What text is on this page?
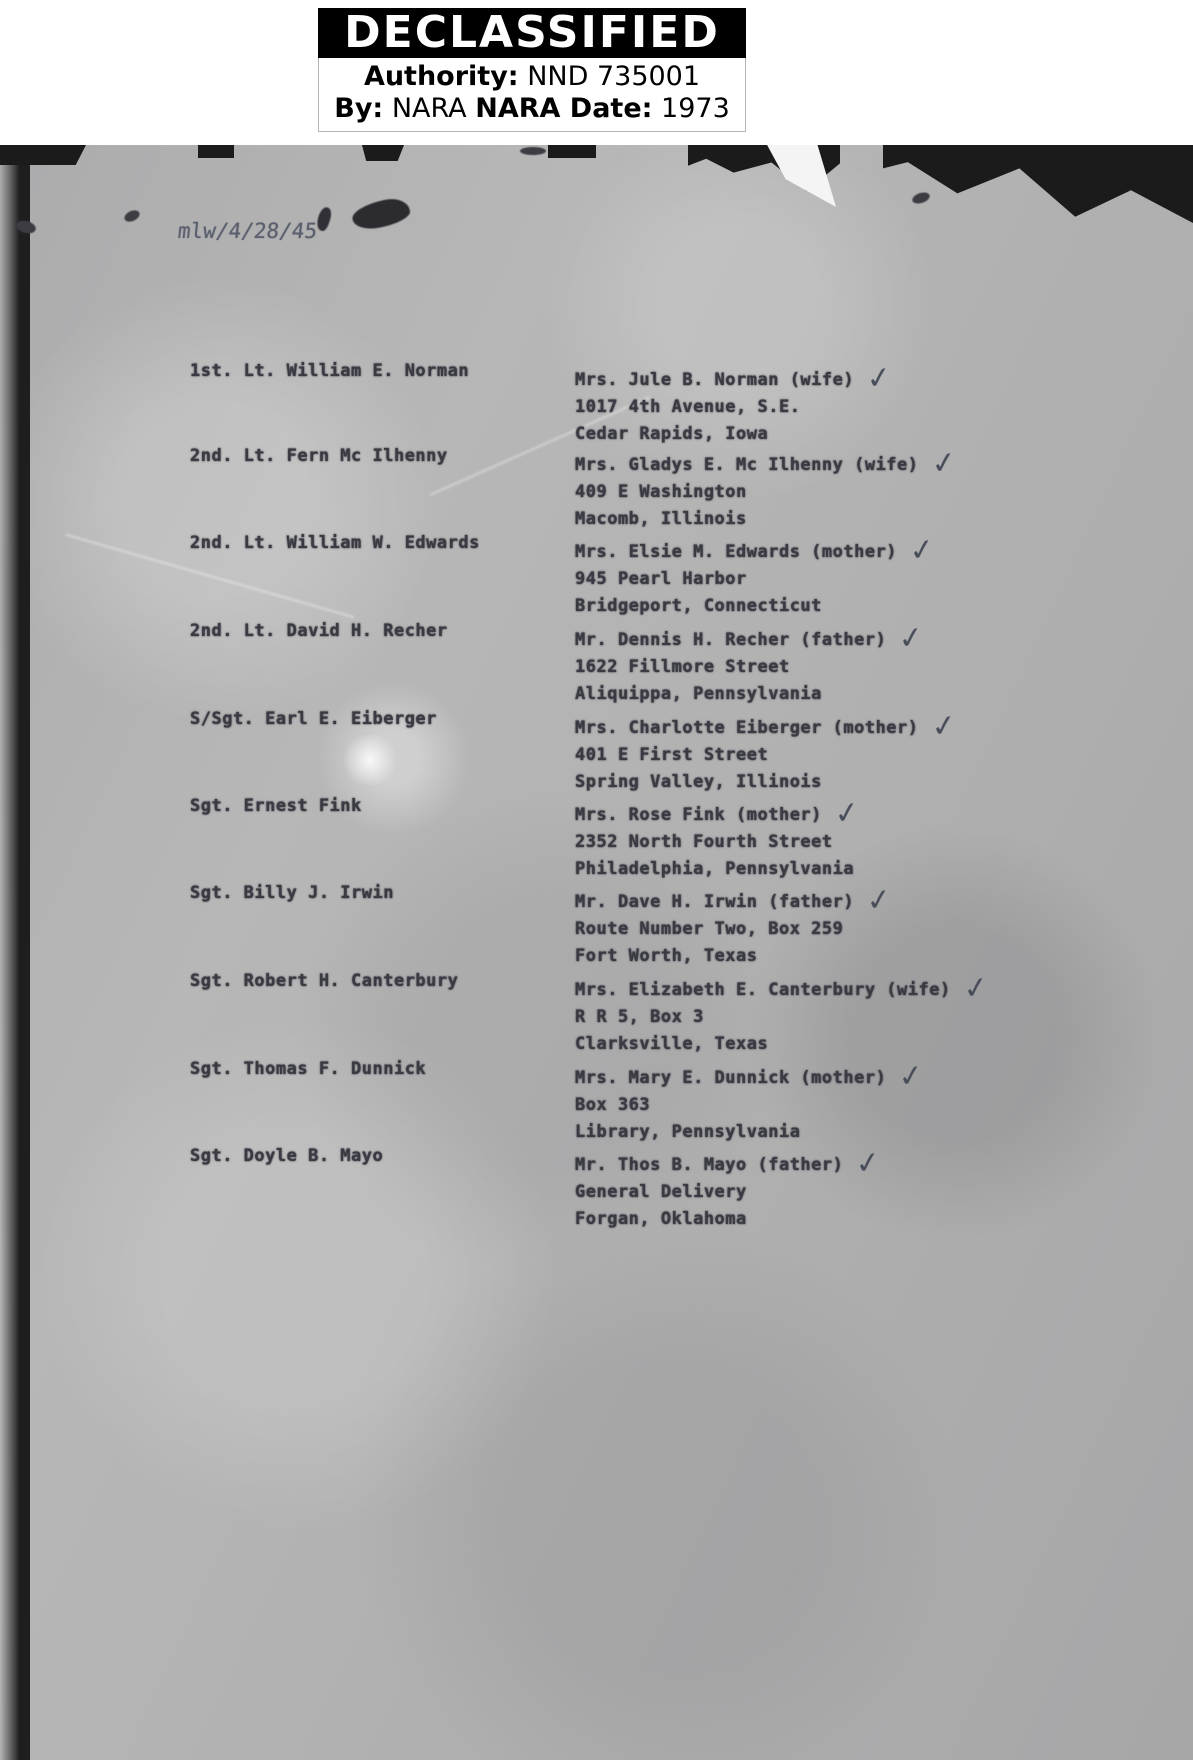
DECLASSIFIED
Authority: NND 735001
By: NARA NARA Date: 1973
mlw/4/28/45
1st. Lt. William E. Norman	Mrs. Jule B. Norman (wife) ✓
1017 4th Avenue, S.E.
Cedar Rapids, Iowa
2nd. Lt. Fern Mc Ilhenny	Mrs. Gladys E. Mc Ilhenny (wife) ✓
409 E Washington
Macomb, Illinois
2nd. Lt. William W. Edwards	Mrs. Elsie M. Edwards (mother) ✓
945 Pearl Harbor
Bridgeport, Connecticut
2nd. Lt. David H. Recher	Mr. Dennis H. Recher (father) ✓
1622 Fillmore Street
Aliquippa, Pennsylvania
S/Sgt. Earl E. Eiberger	Mrs. Charlotte Eiberger (mother) ✓
401 E First Street
Spring Valley, Illinois
Sgt. Ernest Fink	Mrs. Rose Fink (mother) ✓
2352 North Fourth Street
Philadelphia, Pennsylvania
Sgt. Billy J. Irwin	Mr. Dave H. Irwin (father) ✓
Route Number Two, Box 259
Fort Worth, Texas
Sgt. Robert H. Canterbury	Mrs. Elizabeth E. Canterbury (wife) ✓
R R 5, Box 3
Clarksville, Texas
Sgt. Thomas F. Dunnick	Mrs. Mary E. Dunnick (mother) ✓
Box 363
Library, Pennsylvania
Sgt. Doyle B. Mayo	Mr. Thos B. Mayo (father) ✓
General Delivery
Forgan, Oklahoma
